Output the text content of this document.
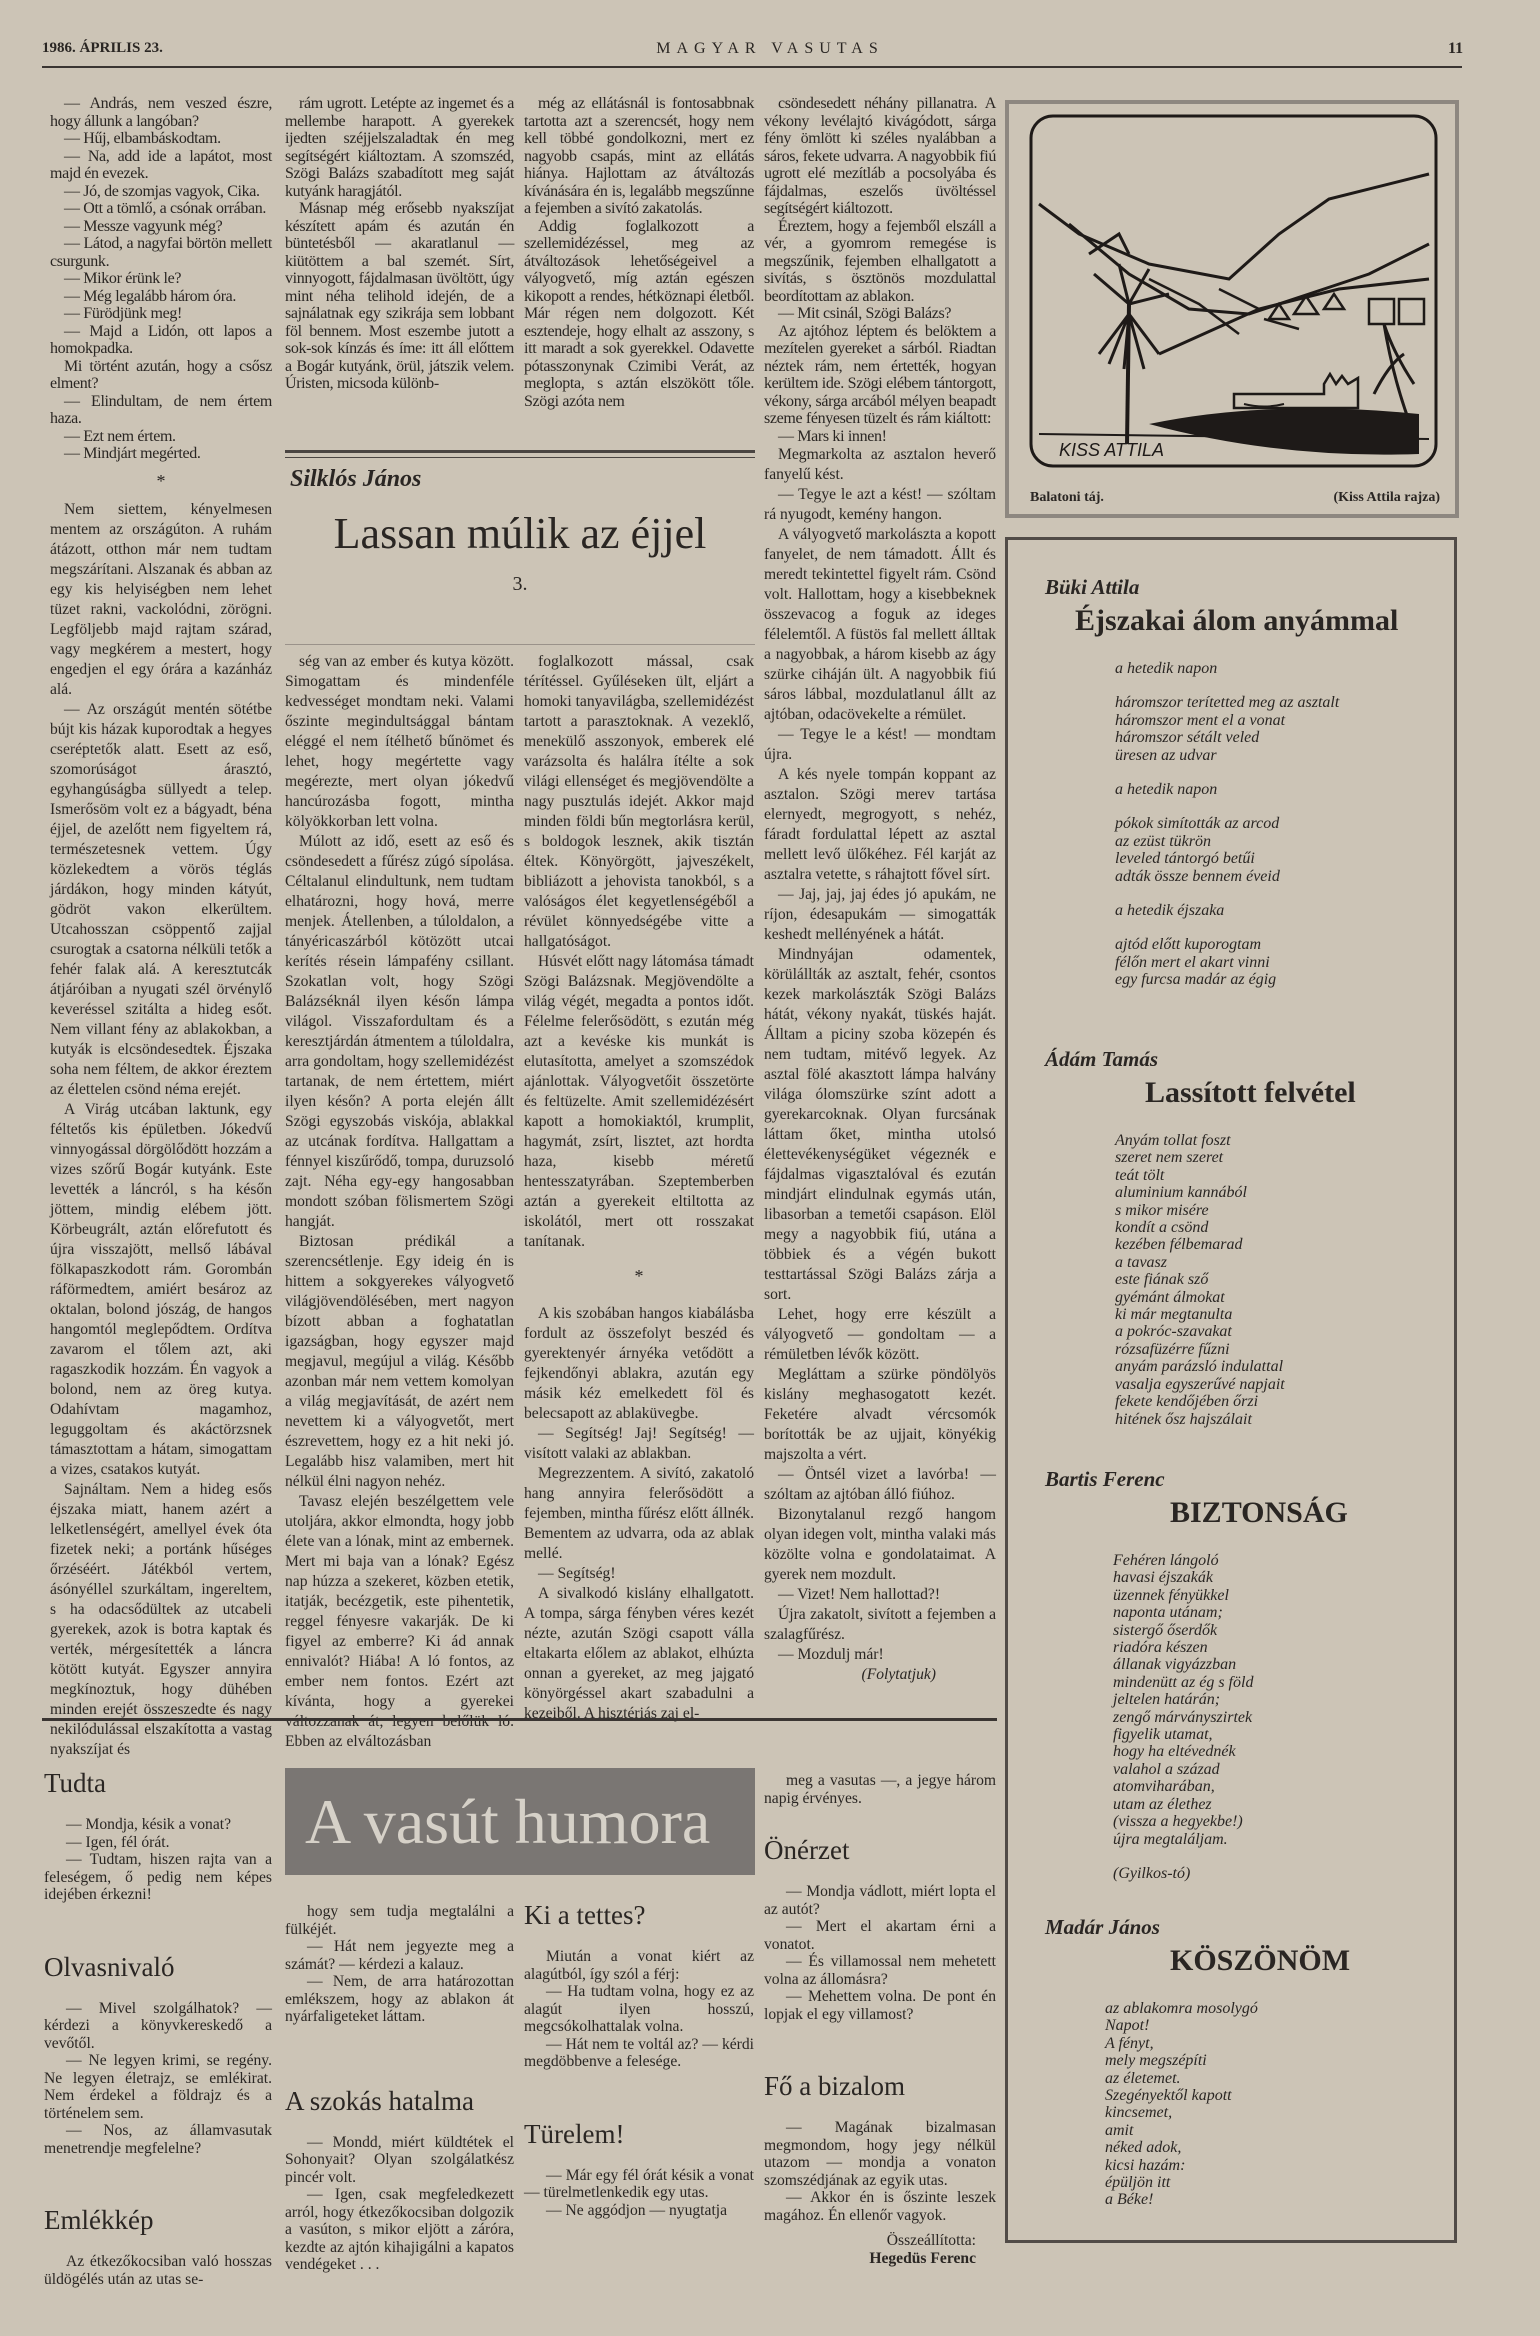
1986. ÁPRILIS 23.	MAGYAR VASUTAS	11

— András, nem veszed észre, hogy állunk a langóban?

— Hűj, elbambáskodtam.

— Na, add ide a lapátot, most majd én evezek.

— Jó, de szomjas vagyok, Cika.

— Ott a tömlő, a csónak orrában.

— Messze vagyunk még?

— Látod, a nagyfai börtön mellett csurgunk.

— Mikor érünk le?

— Még legalább három óra.

— Fürödjünk meg!

— Majd a Lidón, ott lapos a homokpadka.

Mi történt azután, hogy a csősz elment?

— Elindultam, de nem értem haza.

— Ezt nem értem.

— Mindjárt megérted.

*

Nem siettem, kényelmesen mentem az országúton. A ruhám átázott, otthon már nem tudtam megszárítani. Alszanak és abban az egy kis helyiségben nem lehet tüzet rakni, vackolódni, zörögni. Legföljebb majd rajtam szárad, vagy megkérem a mestert, hogy engedjen el egy órára a kazánház alá.

— Az országút mentén sötétbe bújt kis házak kuporodtak a hegyes cseréptetők alatt. Esett az eső, szomorúságot árasztó, egyhangúságba süllyedt a telep. Ismerősöm volt ez a bágyadt, béna éjjel, de azelőtt nem figyeltem rá, természetesnek vettem. Úgy közlekedtem a vörös téglás járdákon, hogy minden kátyút, gödröt vakon elkerültem. Utcahosszan csöppentő zajjal csurogtak a csatorna nélküli tetők a fehér falak alá. A keresztutcák átjáróiban a nyugati szél örvénylő keveréssel szitálta a hideg esőt. Nem villant fény az ablakokban, a kutyák is elcsöndesedtek. Éjszaka soha nem féltem, de akkor éreztem az élettelen csönd néma erejét.

A Virág utcában laktunk, egy féltetős kis épületben. Jókedvű vinnyogással dörgölődött hozzám a vizes szőrű Bogár kutyánk. Este levették a láncról, s ha későn jöttem, mindig elébem jött. Körbeugrált, aztán előrefutott és újra visszajött, mellső lábával fölkapaszkodott rám. Gorombán ráförmedtem, amiért besároz az oktalan, bolond jószág, de hangos hangomtól meglepődtem. Ordítva zavarom el tőlem azt, aki ragaszkodik hozzám. Én vagyok a bolond, nem az öreg kutya. Odahívtam magamhoz, leguggoltam és akáctörzsnek támasztottam a hátam, simogattam a vizes, csatakos kutyát.

Sajnáltam. Nem a hideg esős éjszaka miatt, hanem azért a lelketlenségért, amellyel évek óta fizetek neki; a portánk hűséges őrzéséért. Játékból vertem, ásónyéllel szurkáltam, ingereltem, s ha odacsődültek az utcabeli gyerekek, azok is botra kaptak és verték, mérgesítették a láncra kötött kutyát. Egyszer annyira megkínoztuk, hogy dühében minden erejét összeszedte és nagy nekilódulással elszakította a vastag nyakszíjat és

rám ugrott. Letépte az ingemet és a mellembe harapott. A gyerekek ijedten széjjelszaladtak én meg segítségért kiáltoztam. A szomszéd, Szögi Balázs szabadított meg saját kutyánk haragjától.

Másnap még erősebb nyakszíjat készített apám és azután én büntetésből — akaratlanul — kiütöttem a bal szemét. Sírt, vinnyogott, fájdalmasan üvöltött, úgy mint néha telihold idején, de a sajnálatnak egy szikrája sem lobbant föl bennem. Most eszembe jutott a sok-sok kínzás és íme: itt áll előttem a Bogár kutyánk, örül, játszik velem. Úristen, micsoda különb-

még az ellátásnál is fontosabbnak tartotta azt a szerencsét, hogy nem kell többé gondolkozni, mert ez nagyobb csapás, mint az ellátás hiánya. Hajlottam az átváltozás kívánására én is, legalább megszűnne a fejemben a sivító zakatolás.

Addig foglalkozott a szellemidézéssel, meg az átváltozások lehetőségeivel a vályogvető, míg aztán egészen kikopott a rendes, hétköznapi életből. Már régen nem dolgozott. Két esztendeje, hogy elhalt az asszony, s itt maradt a sok gyerekkel. Odavette pótasszonynak Czimibi Verát, az meglopta, s aztán elszökött tőle. Szögi azóta nem

Silklós János
Lassan múlik az éjjel
3.

ség van az ember és kutya között. Simogattam és mindenféle kedvességet mondtam neki. Valami őszinte megindultsággal bántam eléggé el nem ítélhető bűnömet és lehet, hogy megértette vagy megérezte, mert olyan jókedvű hancúrozásba fogott, mintha kölyökkorban lett volna.

Múlott az idő, esett az eső és csöndesedett a fűrész zúgó sípolása. Céltalanul elindultunk, nem tudtam elhatározni, hogy hová, merre menjek. Átellenben, a túloldalon, a tányéricaszárból kötözött utcai kerítés résein lámpafény csillant. Szokatlan volt, hogy Szögi Balázséknál ilyen későn lámpa világol. Visszafordultam és a keresztjárdán átmentem a túloldalra, arra gondoltam, hogy szellemidézést tartanak, de nem értettem, miért ilyen későn? A porta elején állt Szögi egyszobás viskója, ablakkal az utcának fordítva. Hallgattam a fénnyel kiszűrődő, tompa, duruzsoló zajt. Néha egy-egy hangosabban mondott szóban fölismertem Szögi hangját.

Biztosan prédikál a szerencsétlenje. Egy ideig én is hittem a sokgyerekes vályogvető világjövendölésében, mert nagyon bízott abban a foghatatlan igazságban, hogy egyszer majd megjavul, megújul a világ. Később azonban már nem vettem komolyan a világ megjavítását, de azért nem nevettem ki a vályogvetőt, mert észrevettem, hogy ez a hit neki jó. Legalább hisz valamiben, mert hit nélkül élni nagyon nehéz.

Tavasz elején beszélgettem vele utoljára, akkor elmondta, hogy jobb élete van a lónak, mint az embernek. Mert mi baja van a lónak? Egész nap húzza a szekeret, közben etetik, itatják, becézgetik, este pihentetik, reggel fényesre vakarják. De ki figyel az emberre? Ki ád annak ennivalót? Hiába! A ló fontos, az ember nem fontos. Ezért azt kívánta, hogy a gyerekei változzanak át, legyen belőlük ló. Ebben az elváltozásban

foglalkozott mással, csak térítéssel. Gyűléseken ült, eljárt a homoki tanyavilágba, szellemidézést tartott a parasztoknak. A vezeklő, menekülő asszonyok, emberek elé varázsolta és halálra ítélte a sok világi ellenséget és megjövendölte a nagy pusztulás idejét. Akkor majd minden földi bűn megtorlásra kerül, s boldogok lesznek, akik tisztán éltek. Könyörgött, jajveszékelt, bibliázott a jehovista tanokból, s a valóságos élet kegyetlenségéből a révület könnyedségébe vitte a hallgatóságot.

Húsvét előtt nagy látomása támadt Szögi Balázsnak. Megjövendölte a világ végét, megadta a pontos időt. Félelme felerősödött, s ezután még azt a kevéske kis munkát is elutasította, amelyet a szomszédok ajánlottak. Vályogvetőit összetörte és feltüzelte. Amit szellemidézésért kapott a homokiaktól, krumplit, hagymát, zsírt, lisztet, azt hordta haza, kisebb méretű hentesszatyrában. Szeptemberben aztán a gyerekeit eltiltotta az iskolától, mert ott rosszakat tanítanak.

*

A kis szobában hangos kiabálásba fordult az összefolyt beszéd és gyerektenyér árnyéka vetődött a fejkendőnyi ablakra, azután egy másik kéz emelkedett föl és belecsapott az ablaküvegbe.

— Segítség! Jaj! Segítség! — visított valaki az ablakban.

Megrezzentem. A sivító, zakatoló hang annyira felerősödött a fejemben, mintha fűrész előtt állnék. Bementem az udvarra, oda az ablak mellé.

— Segítség!

A sivalkodó kislány elhallgatott. A tompa, sárga fényben véres kezét nézte, azután Szögi csapott válla eltakarta előlem az ablakot, elhúzta onnan a gyereket, az meg jajgató könyörgéssel akart szabadulni a kezeiből. A hisztériás zaj el-

csöndesedett néhány pillanatra. A vékony levélajtó kivágódott, sárga fény ömlött ki széles nyalábban a sáros, fekete udvarra. A nagyobbik fiú ugrott elé mezítláb a pocsolyába és fájdalmas, eszelős üvöltéssel segítségért kiáltozott.

Éreztem, hogy a fejemből elszáll a vér, a gyomrom remegése is megszűnik, fejemben elhallgatott a sivítás, s ösztönös mozdulattal beordítottam az ablakon.

— Mit csinál, Szögi Balázs?

Az ajtóhoz léptem és belöktem a mezítelen gyereket a sárból. Riadtan néztek rám, nem értették, hogyan kerültem ide. Szögi elébem tántorgott, vékony, sárga arcából mélyen beapadt szeme fényesen tüzelt és rám kiáltott:

— Mars ki innen!

Megmarkolta az asztalon heverő fanyelű kést.

— Tegye le azt a kést! — szóltam rá nyugodt, kemény hangon.

A vályogvető markolászta a kopott fanyelet, de nem támadott. Állt és meredt tekintettel figyelt rám. Csönd volt. Hallottam, hogy a kisebbeknek összevacog a foguk az ideges félelemtől. A füstös fal mellett álltak a nagyobbak, a három kisebb az ágy szürke ciháján ült. A nagyobbik fiú sáros lábbal, mozdulatlanul állt az ajtóban, odacövekelte a rémület.

— Tegye le a kést! — mondtam újra.

A kés nyele tompán koppant az asztalon. Szögi merev tartása elernyedt, megrogyott, s nehéz, fáradt fordulattal lépett az asztal mellett levő ülőkéhez. Fél karját az asztalra vetette, s ráhajtott fővel sírt.

— Jaj, jaj, jaj édes jó apukám, ne ríjon, édesapukám — simogatták keshedt mellényének a hátát.

Mindnyájan odamentek, körülállták az asztalt, fehér, csontos kezek markolászták Szögi Balázs hátát, vékony nyakát, tüskés haját. Álltam a piciny szoba közepén és nem tudtam, mitévő legyek. Az asztal fölé akasztott lámpa halvány világa ólomszürke színt adott a gyerekarcoknak. Olyan furcsának láttam őket, mintha utolsó élettevékenységüket végeznék e fájdalmas vigasztalóval és ezután mindjárt elindulnak egymás után, libasorban a temetői csapáson. Elöl megy a nagyobbik fiú, utána a többiek és a végén bukott testtartással Szögi Balázs zárja a sort.

Lehet, hogy erre készült a vályogvető — gondoltam — a rémületben lévők között.

Megláttam a szürke pöndölyös kislány meghasogatott kezét. Feketére alvadt vércsomók borították be az ujjait, könyékig majszolta a vért.

— Öntsél vizet a lavórba! — szóltam az ajtóban álló fiúhoz.

Bizonytalanul rezgő hangom olyan idegen volt, mintha valaki más közölte volna e gondolataimat. A gyerek nem mozdult.

— Vizet! Nem hallottad?!

Újra zakatolt, sivított a fejemben a szalagfűrész.

— Mozdulj már!

(Folytatjuk)

KISS ATTILA
Balatoni táj.	(Kiss Attila rajza)
Büki Attila
Éjszakai álom anyámmal
a hetedik napon
háromszor terítetted meg az asztalt
háromszor ment el a vonat
háromszor sétált veled
üresen az udvar
a hetedik napon
pókok simították az arcod
az ezüst tükrön
leveled tántorgó betűi
adták össze bennem éveid
a hetedik éjszaka
ajtód előtt kuporogtam
félőn mert el akart vinni
egy furcsa madár az égig
Ádám Tamás
Lassított felvétel
Anyám tollat foszt
szeret nem szeret
teát tölt
aluminium kannából
s mikor misére
kondít a csönd
kezében félbemarad
a tavasz
este fiának sző
gyémánt álmokat
ki már megtanulta
a pokróc-szavakat
rózsafüzérre fűzni
anyám parázsló indulattal
vasalja egyszerűvé napjait
fekete kendőjében őrzi
hitének ősz hajszálait
Bartis Ferenc
BIZTONSÁG
Fehéren lángoló
havasi éjszakák
üzennek fényükkel
naponta utánam;
sistergő őserdők
riadóra készen
állanak vigyázzban
mindenütt az ég s föld
jeltelen határán;
zengő márványszirtek
figyelik utamat,
hogy ha eltévednék
valahol a század
atomviharában,
utam az élethez
(vissza a hegyekbe!)
újra megtaláljam.
(Gyilkos-tó)
Madár János
KÖSZÖNÖM
az ablakomra mosolygó
Napot!
A fényt,
mely megszépíti
az életemet.
Szegényektől kapott
kincsemet,
amit
néked adok,
kicsi hazám:
épüljön itt
a Béke!
A vasút humora
Tudta

— Mondja, késik a vonat?

— Igen, fél órát.

— Tudtam, hiszen rajta van a feleségem, ő pedig nem képes idejében érkezni!

Olvasnivaló

— Mivel szolgálhatok? — kérdezi a könyvkereskedő a vevőtől.

— Ne legyen krimi, se regény. Ne legyen életrajz, se emlékirat. Nem érdekel a földrajz és a történelem sem.

— Nos, az államvasutak menetrendje megfelelne?

Emlékkép

Az étkezőkocsiban való hosszas üldögélés után az utas se-

hogy sem tudja megtalálni a fülkéjét.

— Hát nem jegyezte meg a számát? — kérdezi a kalauz.

— Nem, de arra határozottan emlékszem, hogy az ablakon át nyárfaligeteket láttam.

A szokás hatalma

— Mondd, miért küldtétek el Sohonyait? Olyan szolgálatkész pincér volt.

— Igen, csak megfeledkezett arról, hogy étkezőkocsiban dolgozik a vasúton, s mikor eljött a záróra, kezdte az ajtón kihajigálni a kapatos vendégeket . . .

Ki a tettes?

Miután a vonat kiért az alagútból, így szól a férj:

— Ha tudtam volna, hogy ez az alagút ilyen hosszú, megcsókolhattalak volna.

— Hát nem te voltál az? — kérdi megdöbbenve a felesége.

Türelem!

— Már egy fél órát késik a vonat — türelmetlenkedik egy utas.

— Ne aggódjon — nyugtatja

meg a vasutas —, a jegye három napig érvényes.

Önérzet

— Mondja vádlott, miért lopta el az autót?

— Mert el akartam érni a vonatot.

— És villamossal nem mehetett volna az állomásra?

— Mehettem volna. De pont én lopjak el egy villamost?

Fő a bizalom

— Magának bizalmasan megmondom, hogy jegy nélkül utazom — mondja a vonaton szomszédjának az egyik utas.

— Akkor én is őszinte leszek magához. Én ellenőr vagyok.

Összeállította:

Hegedüs Ferenc
